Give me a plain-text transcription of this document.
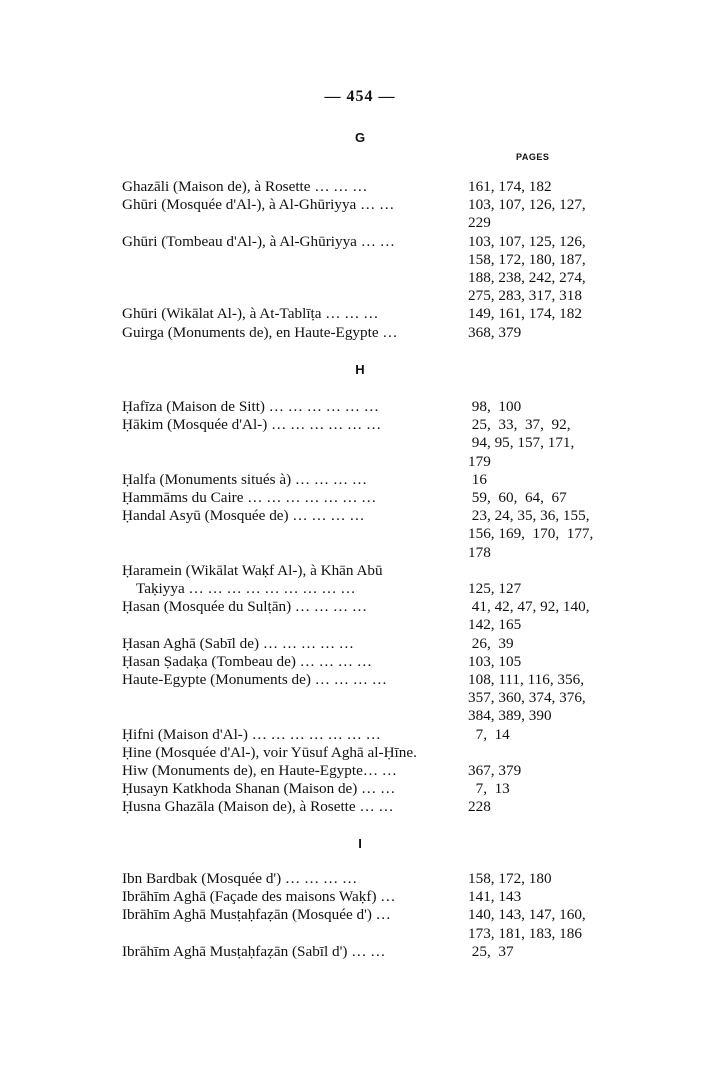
— 454 —
G
PAGES
Ghazāli (Maison de), à Rosette … … …	161, 174, 182
Ghūri (Mosquée d'Al-), à Al-Ghūriyya … …	103, 107, 126, 127,
229
Ghūri (Tombeau d'Al-), à Al-Ghūriyya … …	103, 107, 125, 126,
158, 172, 180, 187,
188, 238, 242, 274,
275, 283, 317, 318
Ghūri (Wikālat Al-), à At-Tablīṭa … … …	149, 161, 174, 182
Guirga (Monuments de), en Haute-Egypte …	368, 379
H
Ḥafīza (Maison de Sitt) … … … … … …	98,  100
Ḥākim (Mosquée d'Al-) … … … … … …	25,  33,  37,  92,
94, 95, 157, 171,
179
Ḥalfa (Monuments situés à) … … … …	16
Ḥammāms du Caire … … … … … … …	59,  60,  64,  67
Ḥandal Asyū (Mosquée de) … … … …	23, 24, 35, 36, 155,
156, 169,  170,  177,
178
Ḥaramein (Wikālat Waḳf Al-), à Khān Abū
Taḳiyya … … … … … … … … …	125, 127
Ḥasan (Mosquée du Sulṭān) … … … …	41, 42, 47, 92, 140,
142, 165
Ḥasan Aghā (Sabīl de) … … … … …	26,  39
Ḥasan Ṣadaḳa (Tombeau de) … … … …	103, 105
Haute-Egypte (Monuments de) … … … …	108, 111, 116, 356,
357, 360, 374, 376,
384, 389, 390
Ḥifni (Maison d'Al-) … … … … … … …	7,  14
Ḥine (Mosquée d'Al-), voir Yūsuf Aghā al-Ḥīne.
Hiw (Monuments de), en Haute-Egypte… …	367, 379
Ḥusayn Katkhoda Shanan (Maison de) … …	7,  13
Ḥusna Ghazāla (Maison de), à Rosette … …	228
I
Ibn Bardbak (Mosquée d') … … … …	158, 172, 180
Ibrāhīm Aghā (Façade des maisons Waḳf) …	141, 143
Ibrāhīm Aghā Musṭaḥfaẓān (Mosquée d') …	140, 143, 147, 160,
173, 181, 183, 186
Ibrāhīm Aghā Musṭaḥfaẓān (Sabīl d') … …	25,  37
